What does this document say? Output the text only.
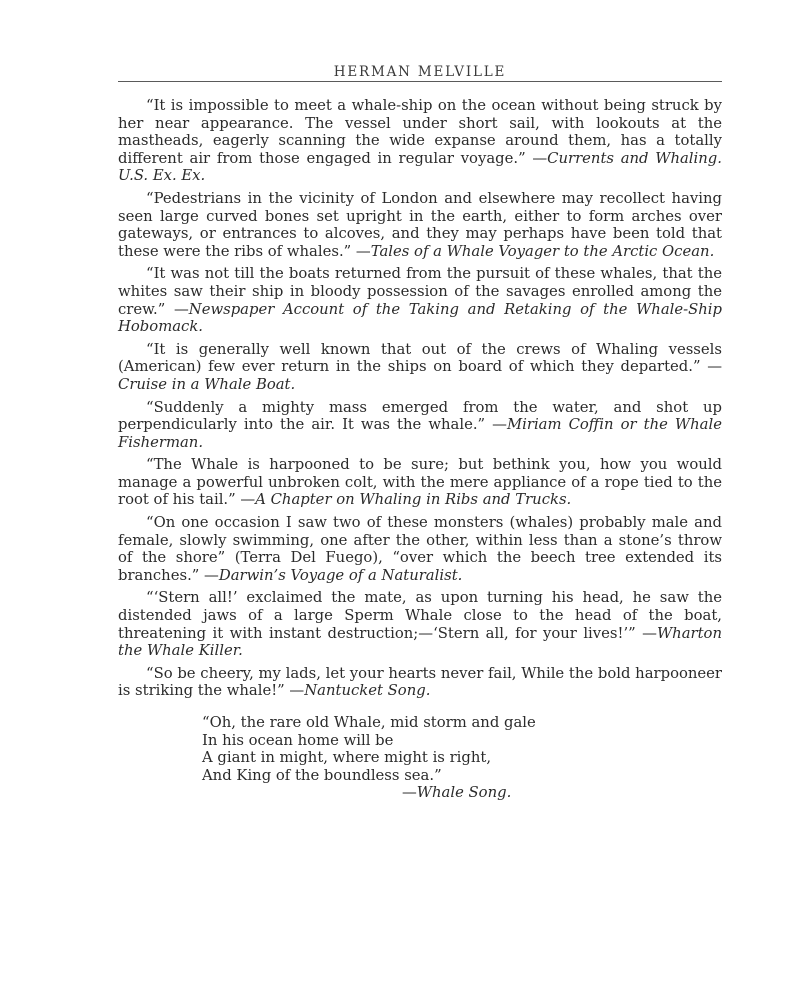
HERMAN MELVILLE

“It is impossible to meet a whale-ship on the ocean without being struck by her near appearance. The vessel under short sail, with lookouts at the mastheads, eagerly scanning the wide expanse around them, has a totally different air from those engaged in regular voyage.” —Currents and Whaling. U.S. Ex. Ex.

“Pedestrians in the vicinity of London and elsewhere may recollect having seen large curved bones set upright in the earth, either to form arches over gateways, or entrances to alcoves, and they may perhaps have been told that these were the ribs of whales.” —Tales of a Whale Voyager to the Arctic Ocean.

“It was not till the boats returned from the pursuit of these whales, that the whites saw their ship in bloody possession of the savages enrolled among the crew.” —Newspaper Account of the Taking and Retaking of the Whale-Ship Hobomack.

“It is generally well known that out of the crews of Whaling vessels (American) few ever return in the ships on board of which they departed.” —Cruise in a Whale Boat.

“Suddenly a mighty mass emerged from the water, and shot up perpendicularly into the air. It was the whale.” —Miriam Coffin or the Whale Fisherman.

“The Whale is harpooned to be sure; but bethink you, how you would manage a powerful unbroken colt, with the mere appliance of a rope tied to the root of his tail.” —A Chapter on Whaling in Ribs and Trucks.

“On one occasion I saw two of these monsters (whales) probably male and female, slowly swimming, one after the other, within less than a stone’s throw of the shore” (Terra Del Fuego), “over which the beech tree extended its branches.” —Darwin’s Voyage of a Naturalist.

“‘Stern all!’ exclaimed the mate, as upon turning his head, he saw the distended jaws of a large Sperm Whale close to the head of the boat, threatening it with instant destruction;—‘Stern all, for your lives!’” —Wharton the Whale Killer.

“So be cheery, my lads, let your hearts never fail, While the bold harpooneer is striking the whale!” —Nantucket Song.

“Oh, the rare old Whale, mid storm and gale
In his ocean home will be
A giant in might, where might is right,
And King of the boundless sea.”
—Whale Song.
